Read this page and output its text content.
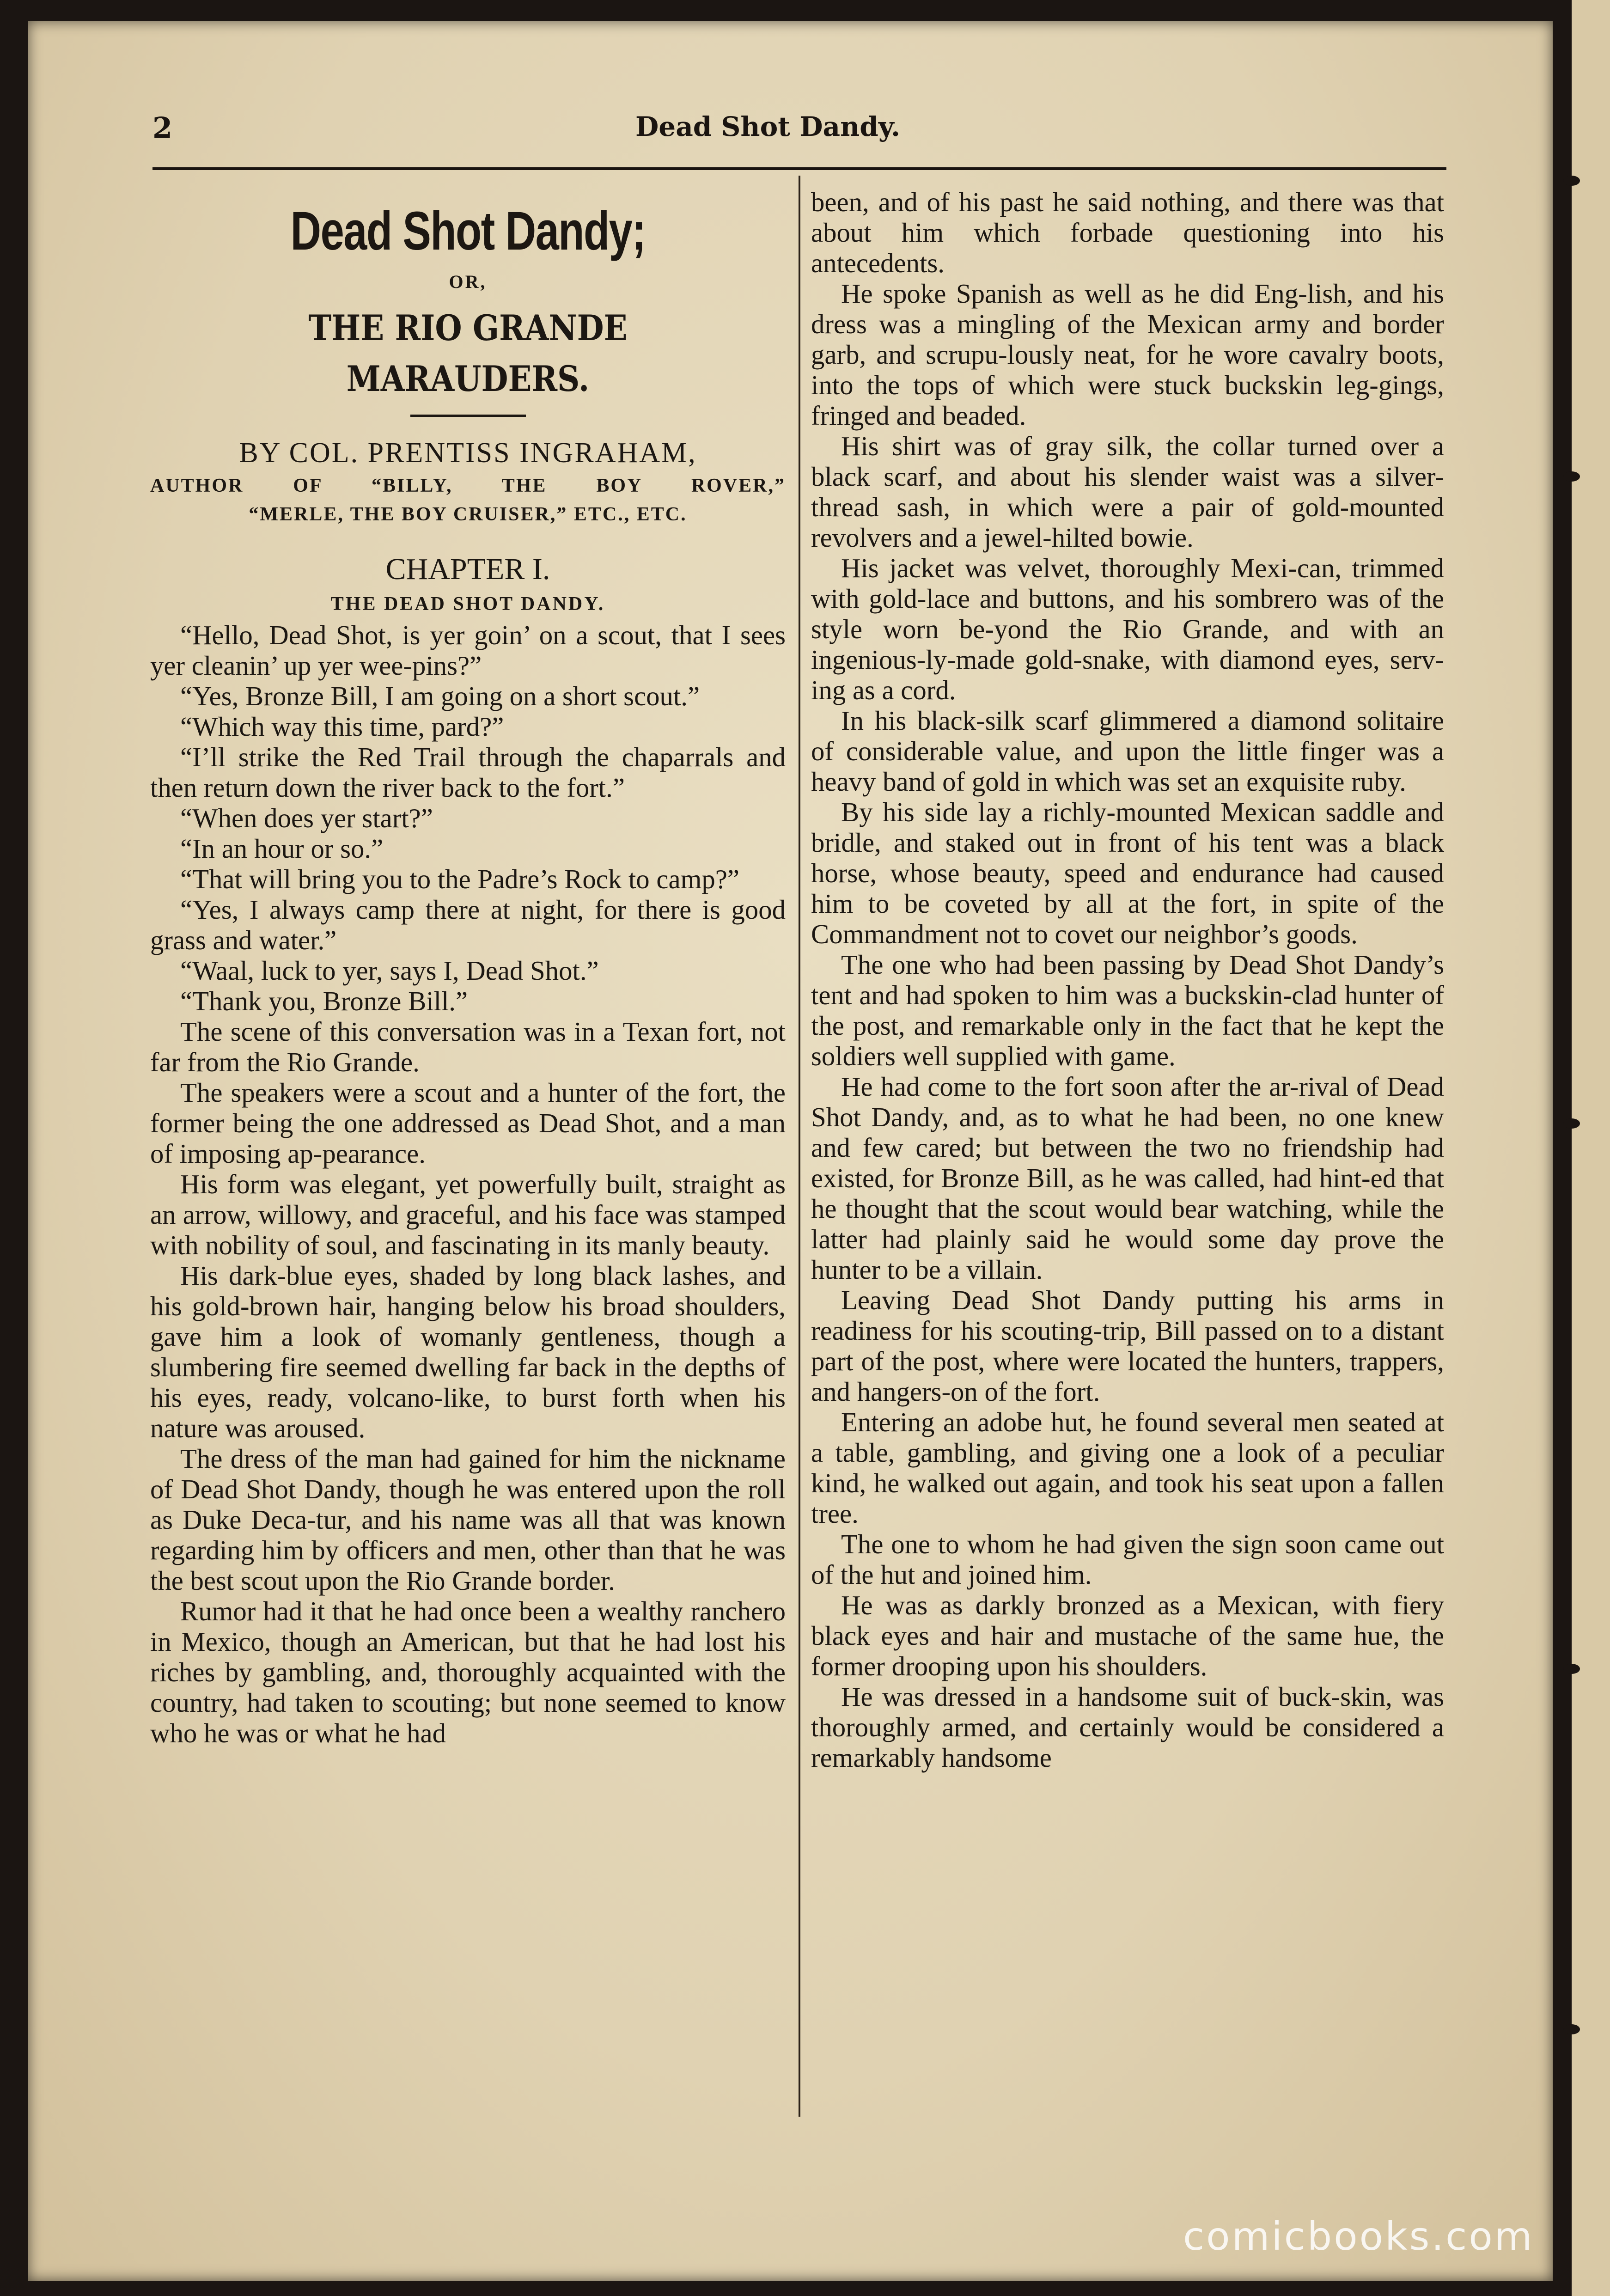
2	Dead Shot Dandy.
Dead Shot Dandy;
OR,
THE RIO GRANDE MARAUDERS.
BY COL. PRENTISS INGRAHAM,
AUTHOR OF “BILLY, THE BOY ROVER,”
“MERLE, THE BOY CRUISER,” ETC., ETC.
CHAPTER I.
THE DEAD SHOT DANDY.

“Hello, Dead Shot, is yer goin’ on a scout, that I sees yer cleanin’ up yer wee-pins?”

“Yes, Bronze Bill, I am going on a short scout.”

“Which way this time, pard?”

“I’ll strike the Red Trail through the chaparrals and then return down the river back to the fort.”

“When does yer start?”

“In an hour or so.”

“That will bring you to the Padre’s Rock to camp?”

“Yes, I always camp there at night, for there is good grass and water.”

“Waal, luck to yer, says I, Dead Shot.”

“Thank you, Bronze Bill.”

The scene of this conversation was in a Texan fort, not far from the Rio Grande.

The speakers were a scout and a hunter of the fort, the former being the one addressed as Dead Shot, and a man of imposing ap-pearance.

His form was elegant, yet powerfully built, straight as an arrow, willowy, and graceful, and his face was stamped with nobility of soul, and fascinating in its manly beauty.

His dark-blue eyes, shaded by long black lashes, and his gold-brown hair, hanging below his broad shoulders, gave him a look of womanly gentleness, though a slumbering fire seemed dwelling far back in the depths of his eyes, ready, volcano-like, to burst forth when his nature was aroused.

The dress of the man had gained for him the nickname of Dead Shot Dandy, though he was entered upon the roll as Duke Deca-tur, and his name was all that was known regarding him by officers and men, other than that he was the best scout upon the Rio Grande border.

Rumor had it that he had once been a wealthy ranchero in Mexico, though an American, but that he had lost his riches by gambling, and, thoroughly acquainted with the country, had taken to scouting; but none seemed to know who he was or what he had

been, and of his past he said nothing, and there was that about him which forbade questioning into his antecedents.

He spoke Spanish as well as he did Eng-lish, and his dress was a mingling of the Mexican army and border garb, and scrupu-lously neat, for he wore cavalry boots, into the tops of which were stuck buckskin leg-gings, fringed and beaded.

His shirt was of gray silk, the collar turned over a black scarf, and about his slender waist was a silver-thread sash, in which were a pair of gold-mounted revolvers and a jewel-hilted bowie.

His jacket was velvet, thoroughly Mexi-can, trimmed with gold-lace and buttons, and his sombrero was of the style worn be-yond the Rio Grande, and with an ingenious-ly-made gold-snake, with diamond eyes, serv-ing as a cord.

In his black-silk scarf glimmered a diamond solitaire of considerable value, and upon the little finger was a heavy band of gold in which was set an exquisite ruby.

By his side lay a richly-mounted Mexican saddle and bridle, and staked out in front of his tent was a black horse, whose beauty, speed and endurance had caused him to be coveted by all at the fort, in spite of the Commandment not to covet our neighbor’s goods.

The one who had been passing by Dead Shot Dandy’s tent and had spoken to him was a buckskin-clad hunter of the post, and remarkable only in the fact that he kept the soldiers well supplied with game.

He had come to the fort soon after the ar-rival of Dead Shot Dandy, and, as to what he had been, no one knew and few cared; but between the two no friendship had existed, for Bronze Bill, as he was called, had hint-ed that he thought that the scout would bear watching, while the latter had plainly said he would some day prove the hunter to be a villain.

Leaving Dead Shot Dandy putting his arms in readiness for his scouting-trip, Bill passed on to a distant part of the post, where were located the hunters, trappers, and hangers-on of the fort.

Entering an adobe hut, he found several men seated at a table, gambling, and giving one a look of a peculiar kind, he walked out again, and took his seat upon a fallen tree.

The one to whom he had given the sign soon came out of the hut and joined him.

He was as darkly bronzed as a Mexican, with fiery black eyes and hair and mustache of the same hue, the former drooping upon his shoulders.

He was dressed in a handsome suit of buck-skin, was thoroughly armed, and certainly would be considered a remarkably handsome

comicbooks.com
